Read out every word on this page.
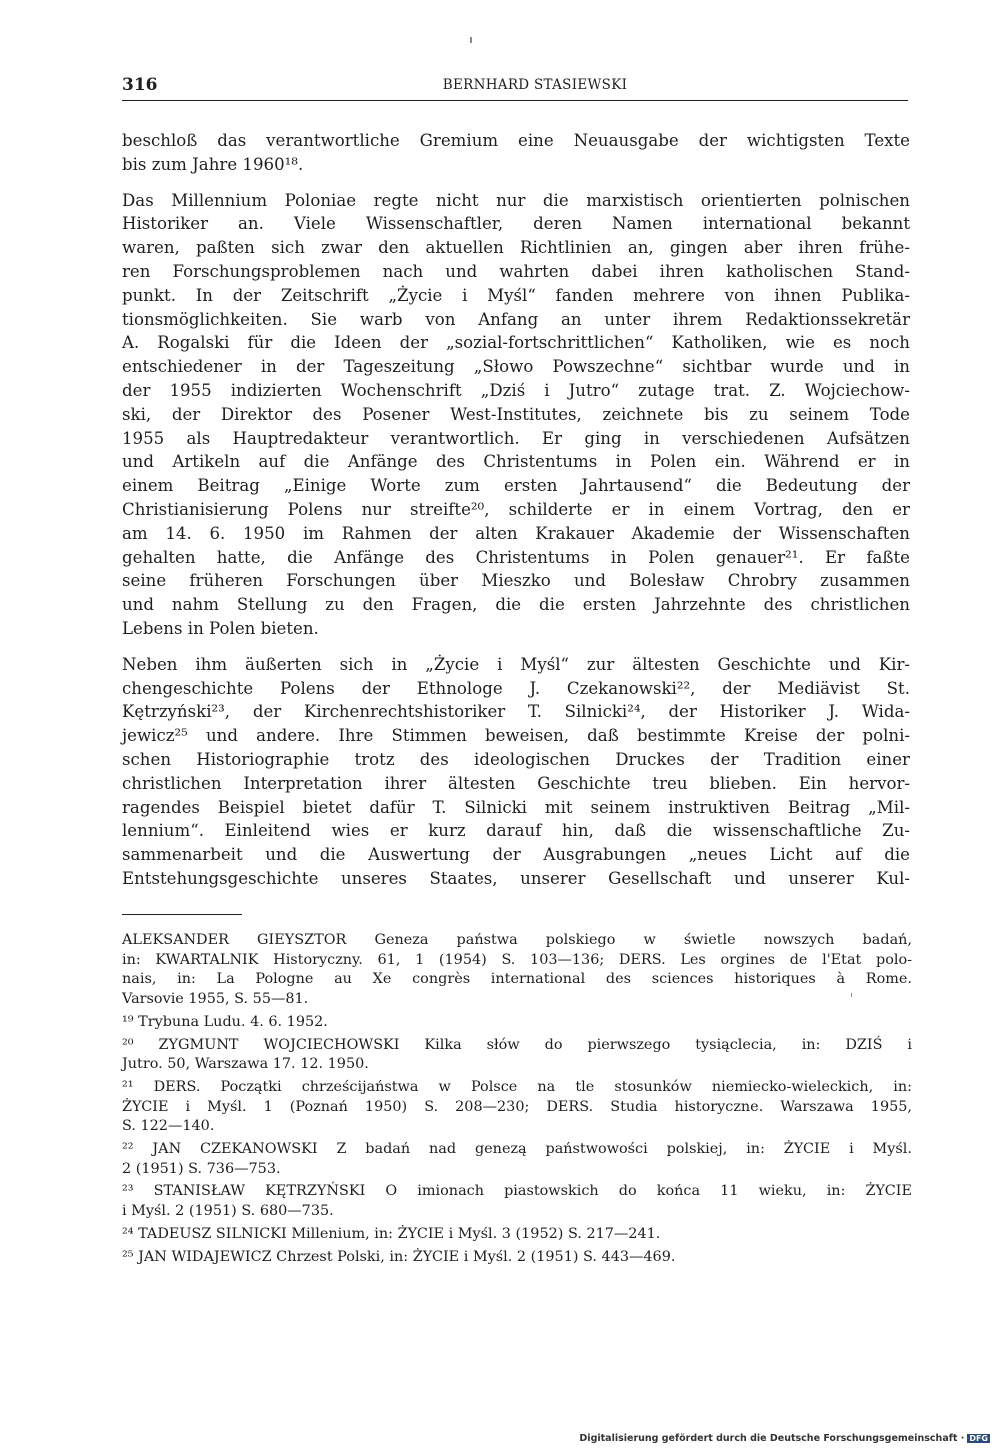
316	BERNHARD STASIEWSKI

beschloß das verantwortliche Gremium eine Neuausgabe der wichtigsten Texte
bis zum Jahre 1960¹⁸.

Das Millennium Poloniae regte nicht nur die marxistisch orientierten polnischen
Historiker an. Viele Wissenschaftler, deren Namen international bekannt
waren, paßten sich zwar den aktuellen Richtlinien an, gingen aber ihren frühe-
ren Forschungsproblemen nach und wahrten dabei ihren katholischen Stand-
punkt. In der Zeitschrift „Życie i Myśl“ fanden mehrere von ihnen Publika-
tionsmöglichkeiten. Sie warb von Anfang an unter ihrem Redaktionssekretär
A. Rogalski für die Ideen der „sozial-fortschrittlichen“ Katholiken, wie es noch
entschiedener in der Tageszeitung „Słowo Powszechne“ sichtbar wurde und in
der 1955 indizierten Wochenschrift „Dziś i Jutro“ zutage trat. Z. Wojciechow-
ski, der Direktor des Posener West-Institutes, zeichnete bis zu seinem Tode
1955 als Hauptredakteur verantwortlich. Er ging in verschiedenen Aufsätzen
und Artikeln auf die Anfänge des Christentums in Polen ein. Während er in
einem Beitrag „Einige Worte zum ersten Jahrtausend“ die Bedeutung der
Christianisierung Polens nur streifte²⁰, schilderte er in einem Vortrag, den er
am 14. 6. 1950 im Rahmen der alten Krakauer Akademie der Wissenschaften
gehalten hatte, die Anfänge des Christentums in Polen genauer²¹. Er faßte
seine früheren Forschungen über Mieszko und Bolesław Chrobry zusammen
und nahm Stellung zu den Fragen, die die ersten Jahrzehnte des christlichen
Lebens in Polen bieten.

Neben ihm äußerten sich in „Życie i Myśl“ zur ältesten Geschichte und Kir-
chengeschichte Polens der Ethnologe J. Czekanowski²², der Mediävist St.
Kętrzyński²³, der Kirchenrechtshistoriker T. Silnicki²⁴, der Historiker J. Wida-
jewicz²⁵ und andere. Ihre Stimmen beweisen, daß bestimmte Kreise der polni-
schen Historiographie trotz des ideologischen Druckes der Tradition einer
christlichen Interpretation ihrer ältesten Geschichte treu blieben. Ein hervor-
ragendes Beispiel bietet dafür T. Silnicki mit seinem instruktiven Beitrag „Mil-
lennium“. Einleitend wies er kurz darauf hin, daß die wissenschaftliche Zu-
sammenarbeit und die Auswertung der Ausgrabungen „neues Licht auf die
Entstehungsgeschichte unseres Staates, unserer Gesellschaft und unserer Kul-

ALEKSANDER GIEYSZTOR Geneza państwa polskiego w świetle nowszych badań,
in: KWARTALNIK Historyczny. 61, 1 (1954) S. 103—136; DERS. Les orgines de l'Etat polo-
nais, in: La Pologne au Xe congrès international des sciences historiques à Rome.
Varsovie 1955, S. 55—81.
¹⁹ Trybuna Ludu. 4. 6. 1952.
²⁰ ZYGMUNT WOJCIECHOWSKI Kilka słów do pierwszego tysiąclecia, in: DZIŚ i
Jutro. 50, Warszawa 17. 12. 1950.
²¹ DERS. Początki chrześcijaństwa w Polsce na tle stosunków niemiecko-wieleckich, in:
ŻYCIE i Myśl. 1 (Poznań 1950) S. 208—230; DERS. Studia historyczne. Warszawa 1955,
S. 122—140.
²² JAN CZEKANOWSKI Z badań nad genezą państwowości polskiej, in: ŻYCIE i Myśl.
2 (1951) S. 736—753.
²³ STANISŁAW KĘTRZYŃSKI O imionach piastowskich do końca 11 wieku, in: ŻYCIE
i Myśl. 2 (1951) S. 680—735.
²⁴ TADEUSZ SILNICKI Millenium, in: ŻYCIE i Myśl. 3 (1952) S. 217—241.
²⁵ JAN WIDAJEWICZ Chrzest Polski, in: ŻYCIE i Myśl. 2 (1951) S. 443—469.
Digitalisierung gefördert durch die Deutsche Forschungsgemeinschaft · DFG
